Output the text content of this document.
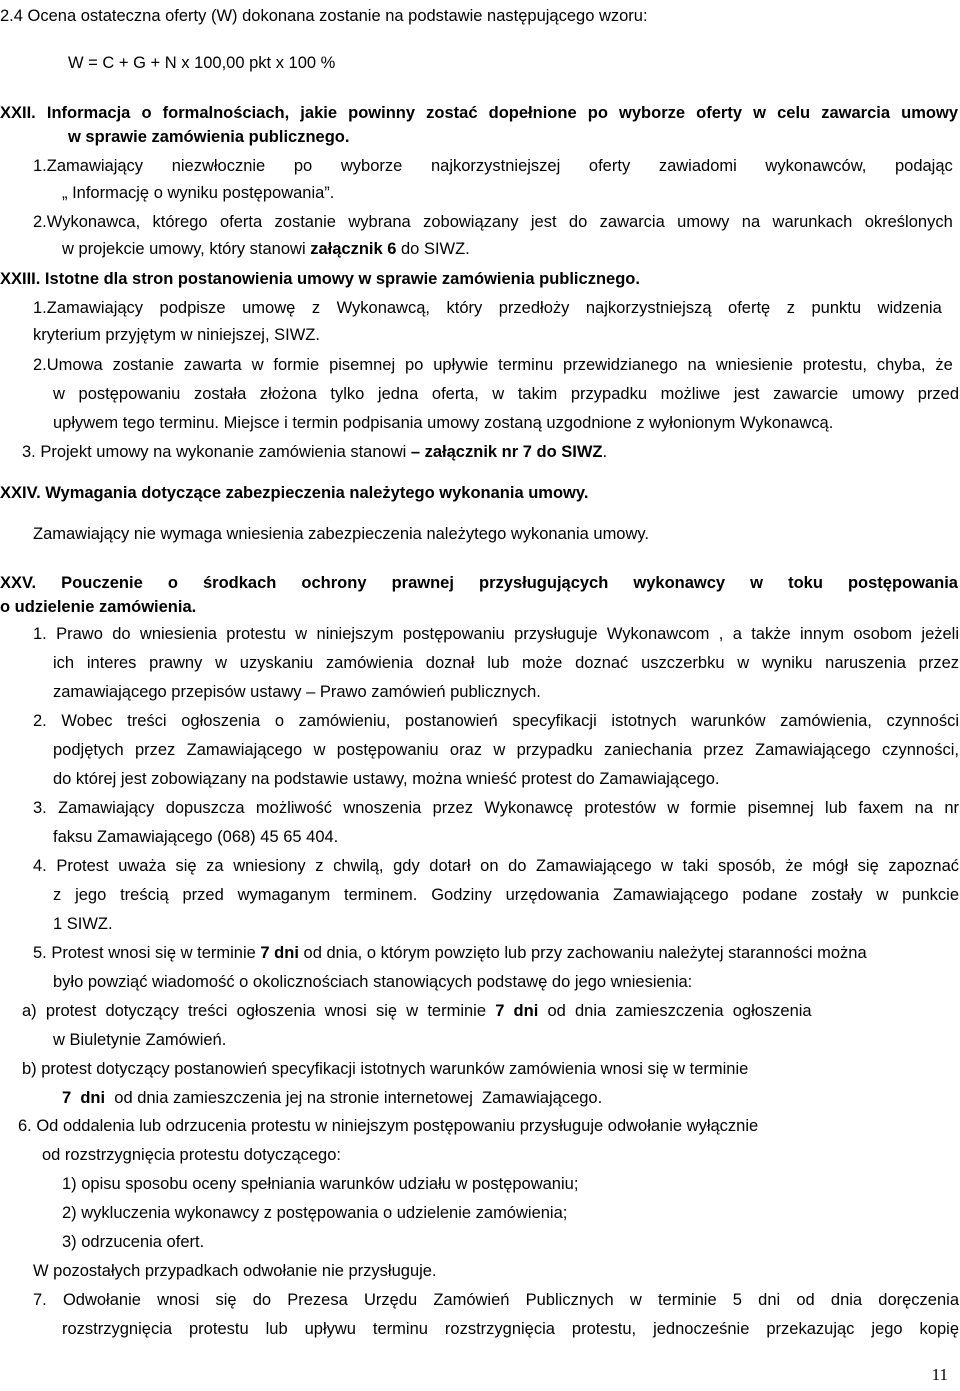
2.4 Ocena ostateczna oferty (W) dokonana zostanie na podstawie następującego wzoru:
W = C + G + N x 100,00 pkt x 100 %
XXII. Informacja o formalnościach, jakie powinny zostać dopełnione po wyborze oferty w celu zawarcia umowy
w sprawie zamówienia publicznego.
1.Zamawiający niezwłocznie po wyborze najkorzystniejszej oferty zawiadomi wykonawców, podając
„ Informację o wyniku postępowania”.
2.Wykonawca, którego oferta zostanie wybrana zobowiązany jest do zawarcia umowy na warunkach określonych
w projekcie umowy, który stanowi załącznik 6 do SIWZ.
XXIII. Istotne dla stron postanowienia umowy w sprawie zamówienia publicznego.
1.Zamawiający podpisze umowę z Wykonawcą, który przedłoży najkorzystniejszą ofertę z punktu widzenia
kryterium przyjętym w niniejszej, SIWZ.
2.Umowa zostanie zawarta w formie pisemnej po upływie terminu przewidzianego na wniesienie protestu, chyba, że
w postępowaniu została złożona tylko jedna oferta, w takim przypadku możliwe jest zawarcie umowy przed
upływem tego terminu. Miejsce i termin podpisania umowy zostaną uzgodnione z wyłonionym Wykonawcą.
3. Projekt umowy na wykonanie zamówienia stanowi – załącznik nr 7 do SIWZ.
XXIV. Wymagania dotyczące zabezpieczenia należytego wykonania umowy.
Zamawiający nie wymaga wniesienia zabezpieczenia należytego wykonania umowy.
XXV. Pouczenie o środkach ochrony prawnej przysługujących wykonawcy w toku postępowania
o udzielenie zamówienia.
1. Prawo do wniesienia protestu w niniejszym postępowaniu przysługuje Wykonawcom , a także innym osobom jeżeli
ich interes prawny w uzyskaniu zamówienia doznał lub może doznać uszczerbku w wyniku naruszenia przez
zamawiającego przepisów ustawy – Prawo zamówień publicznych.
2. Wobec treści ogłoszenia o zamówieniu, postanowień specyfikacji istotnych warunków zamówienia, czynności
podjętych przez Zamawiającego w postępowaniu oraz w przypadku zaniechania przez Zamawiającego czynności,
do której jest zobowiązany na podstawie ustawy, można wnieść protest do Zamawiającego.
3. Zamawiający dopuszcza możliwość wnoszenia przez Wykonawcę protestów w formie pisemnej lub faxem na nr
faksu Zamawiającego (068) 45 65 404.
4. Protest uważa się za wniesiony z chwilą, gdy dotarł on do Zamawiającego w taki sposób, że mógł się zapoznać
z jego treścią przed wymaganym terminem. Godziny urzędowania Zamawiającego podane zostały w punkcie
1 SIWZ.
5. Protest wnosi się w terminie 7 dni od dnia, o którym powzięto lub przy zachowaniu należytej staranności można
było powziąć wiadomość o okolicznościach stanowiących podstawę do jego wniesienia:
a)  protest  dotyczący  treści  ogłoszenia  wnosi  się  w  terminie  7  dni  od  dnia  zamieszczenia  ogłoszenia
w Biuletynie Zamówień.
b) protest dotyczący postanowień specyfikacji istotnych warunków zamówienia wnosi się w terminie
7  dni  od dnia zamieszczenia jej na stronie internetowej  Zamawiającego.
6. Od oddalenia lub odrzucenia protestu w niniejszym postępowaniu przysługuje odwołanie wyłącznie
od rozstrzygnięcia protestu dotyczącego:
1) opisu sposobu oceny spełniania warunków udziału w postępowaniu;
2) wykluczenia wykonawcy z postępowania o udzielenie zamówienia;
3) odrzucenia ofert.
W pozostałych przypadkach odwołanie nie przysługuje.
7. Odwołanie wnosi się do Prezesa Urzędu Zamówień Publicznych w terminie 5 dni od dnia doręczenia
rozstrzygnięcia protestu lub upływu terminu rozstrzygnięcia protestu, jednocześnie przekazując jego kopię
11
